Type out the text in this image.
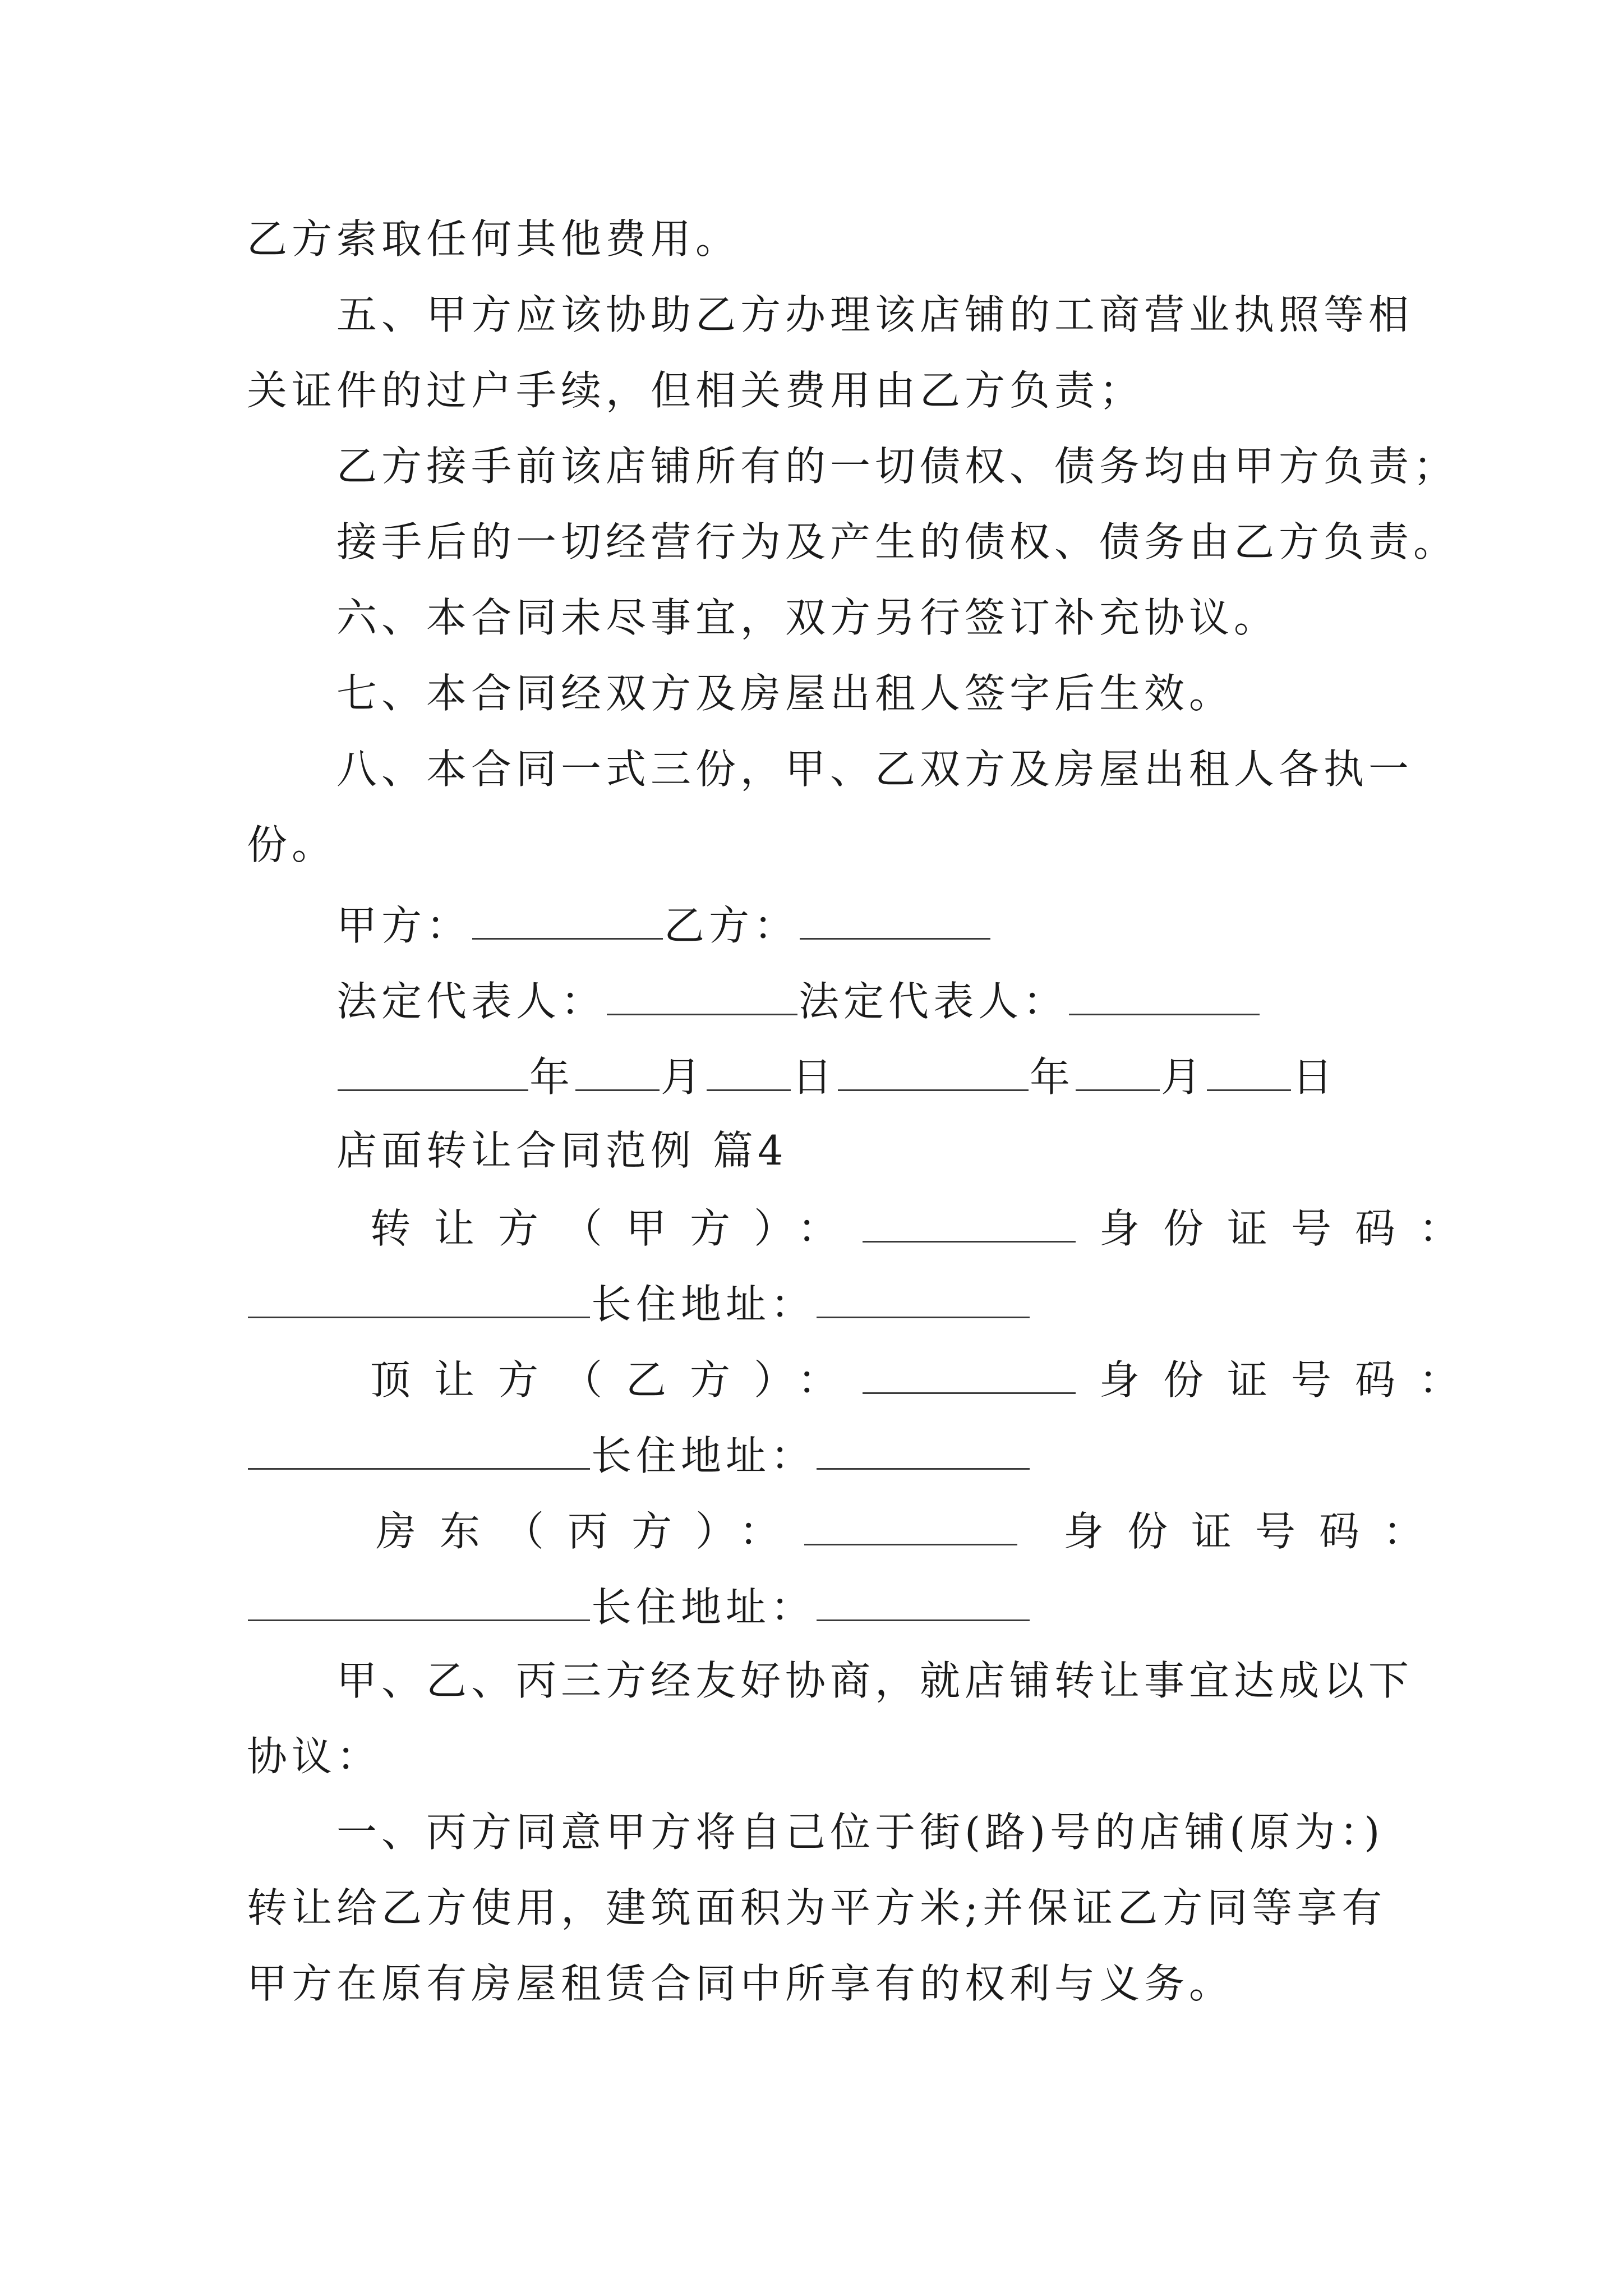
乙方索取任何其他费用。
五、甲方应该协助乙方办理该店铺的工商营业执照等相
关证件的过户手续，但相关费用由乙方负责；
乙方接手前该店铺所有的一切债权、债务均由甲方负责；
接手后的一切经营行为及产生的债权、债务由乙方负责。
六、本合同未尽事宜，双方另行签订补充协议。
七、本合同经双方及房屋出租人签字后生效。
八、本合同一式三份，甲、乙双方及房屋出租人各执一
份。
甲方：	乙方：
法定代表人：	法定代表人：
年 月 日	年 月 日
店面转让合同范例 篇4
转让方（甲方）：	身份证号码：
长住地址：
顶让方（乙方）：	身份证号码：
长住地址：
房东（丙方）：	身份证号码：
长住地址：
甲、乙、丙三方经友好协商，就店铺转让事宜达成以下
协议：
一、丙方同意甲方将自己位于街(路)号的店铺(原为：)
转让给乙方使用，建筑面积为平方米;并保证乙方同等享有
甲方在原有房屋租赁合同中所享有的权利与义务。
